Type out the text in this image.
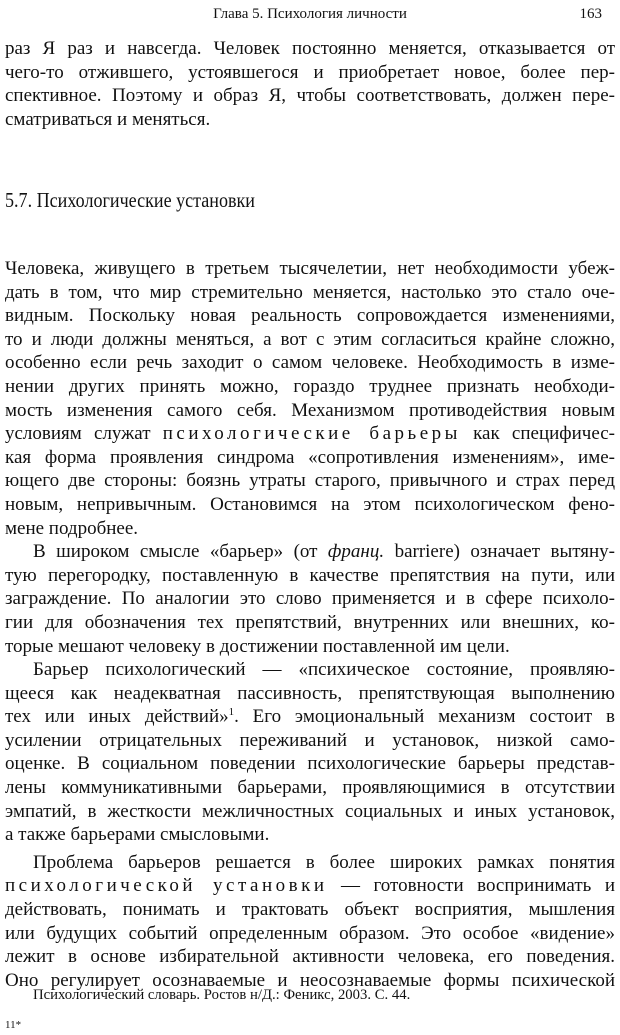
Глава 5. Психология личности	163

раз Я раз и навсегда. Человек постоянно меняется, отказывается от

чего-то отжившего, устоявшегося и приобретает новое, более пер-

спективное. Поэтому и образ Я, чтобы соответствовать, должен пере-

сматриваться и меняться.

5.7. Психологические установки

Человека, живущего в третьем тысячелетии, нет необходимости убеж-

дать в том, что мир стремительно меняется, настолько это стало оче-

видным. Поскольку новая реальность сопровождается изменениями,

то и люди должны меняться, а вот с этим согласиться крайне сложно,

особенно если речь заходит о самом человеке. Необходимость в изме-

нении других принять можно, гораздо труднее признать необходи-

мость изменения самого себя. Механизмом противодействия новым

условиям служат психологические барьеры как специфичес-

кая форма проявления синдрома «сопротивления изменениям», име-

ющего две стороны: боязнь утраты старого, привычного и страх перед

новым, непривычным. Остановимся на этом психологическом фено-

мене подробнее.

В широком смысле «барьер» (от франц. barriere) означает вытяну-

тую перегородку, поставленную в качестве препятствия на пути, или

заграждение. По аналогии это слово применяется и в сфере психоло-

гии для обозначения тех препятствий, внутренних или внешних, ко-

торые мешают человеку в достижении поставленной им цели.

Барьер психологический — «психическое состояние, проявляю-

щееся как неадекватная пассивность, препятствующая выполнению

тех или иных действий»$^1$. Его эмоциональный механизм состоит в

усилении отрицательных переживаний и установок, низкой само-

оценке. В социальном поведении психологические барьеры представ-

лены коммуникативными барьерами, проявляющимися в отсутствии

эмпатий, в жесткости межличностных социальных и иных установок,

а также барьерами смысловыми.

Проблема барьеров решается в более широких рамках понятия

психологической установки — готовности воспринимать и

действовать, понимать и трактовать объект восприятия, мышления

или будущих событий определенным образом. Это особое «видение»

лежит в основе избирательной активности человека, его поведения.

Оно регулирует осознаваемые и неосознаваемые формы психической

Психологический словарь. Ростов н/Д.: Феникс, 2003. С. 44.
11*
